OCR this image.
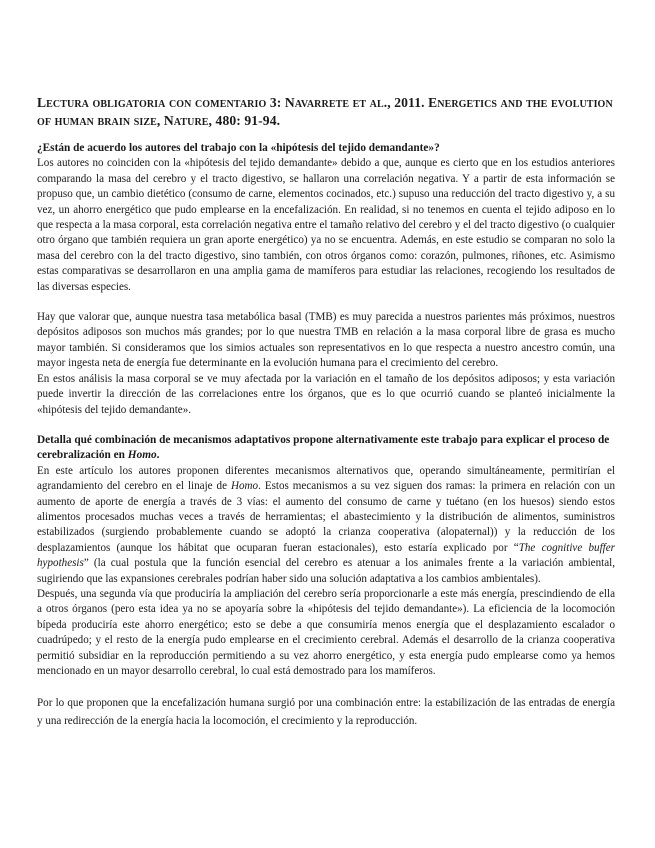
Lectura obligatoria con comentario 3: Navarrete et al., 2011. Energetics and the evolution of human brain size, Nature, 480: 91-94.

¿Están de acuerdo los autores del trabajo con la «hipótesis del tejido demandante»?

Los autores no coinciden con la «hipótesis del tejido demandante» debido a que, aunque es cierto que en los estudios anteriores comparando la masa del cerebro y el tracto digestivo, se hallaron una correlación negativa. Y a partir de esta información se propuso que, un cambio dietético (consumo de carne, elementos cocinados, etc.) supuso una reducción del tracto digestivo y, a su vez, un ahorro energético que pudo emplearse en la encefalización. En realidad, si no tenemos en cuenta el tejido adiposo en lo que respecta a la masa corporal, esta correlación negativa entre el tamaño relativo del cerebro y el del tracto digestivo (o cualquier otro órgano que también requiera un gran aporte energético) ya no se encuentra. Además, en este estudio se comparan no solo la masa del cerebro con la del tracto digestivo, sino también, con otros órganos como: corazón, pulmones, riñones, etc. Asimismo estas comparativas se desarrollaron en una amplia gama de mamíferos para estudiar las relaciones, recogiendo los resultados de las diversas especies.

Hay que valorar que, aunque nuestra tasa metabólica basal (TMB) es muy parecida a nuestros parientes más próximos, nuestros depósitos adiposos son muchos más grandes; por lo que nuestra TMB en relación a la masa corporal libre de grasa es mucho mayor también. Si consideramos que los simios actuales son representativos en lo que respecta a nuestro ancestro común, una mayor ingesta neta de energía fue determinante en la evolución humana para el crecimiento del cerebro.

En estos análisis la masa corporal se ve muy afectada por la variación en el tamaño de los depósitos adiposos; y esta variación puede invertir la dirección de las correlaciones entre los órganos, que es lo que ocurrió cuando se planteó inicialmente la «hipótesis del tejido demandante».

Detalla qué combinación de mecanismos adaptativos propone alternativamente este trabajo para explicar el proceso de cerebralización en Homo.

En este artículo los autores proponen diferentes mecanismos alternativos que, operando simultáneamente, permitirían el agrandamiento del cerebro en el linaje de Homo. Estos mecanismos a su vez siguen dos ramas: la primera en relación con un aumento de aporte de energía a través de 3 vías: el aumento del consumo de carne y tuétano (en los huesos) siendo estos alimentos procesados muchas veces a través de herramientas; el abastecimiento y la distribución de alimentos, suministros estabilizados (surgiendo probablemente cuando se adoptó la crianza cooperativa (alopaternal)) y la reducción de los desplazamientos (aunque los hábitat que ocuparan fueran estacionales), esto estaría explicado por “The cognitive buffer hypothesis” (la cual postula que la función esencial del cerebro es atenuar a los animales frente a la variación ambiental, sugiriendo que las expansiones cerebrales podrían haber sido una solución adaptativa a los cambios ambientales).

Después, una segunda vía que produciría la ampliación del cerebro sería proporcionarle a este más energía, prescindiendo de ella a otros órganos (pero esta idea ya no se apoyaría sobre la «hipótesis del tejido demandante»). La eficiencia de la locomoción bípeda produciría este ahorro energético; esto se debe a que consumiría menos energía que el desplazamiento escalador o cuadrúpedo; y el resto de la energía pudo emplearse en el crecimiento cerebral. Además el desarrollo de la crianza cooperativa permitió subsidiar en la reproducción permitiendo a su vez ahorro energético, y esta energía pudo emplearse como ya hemos mencionado en un mayor desarrollo cerebral, lo cual está demostrado para los mamíferos.

Por lo que proponen que la encefalización humana surgió por una combinación entre: la estabilización de las entradas de energía y una redirección de la energía hacia la locomoción, el crecimiento y la reproducción.
